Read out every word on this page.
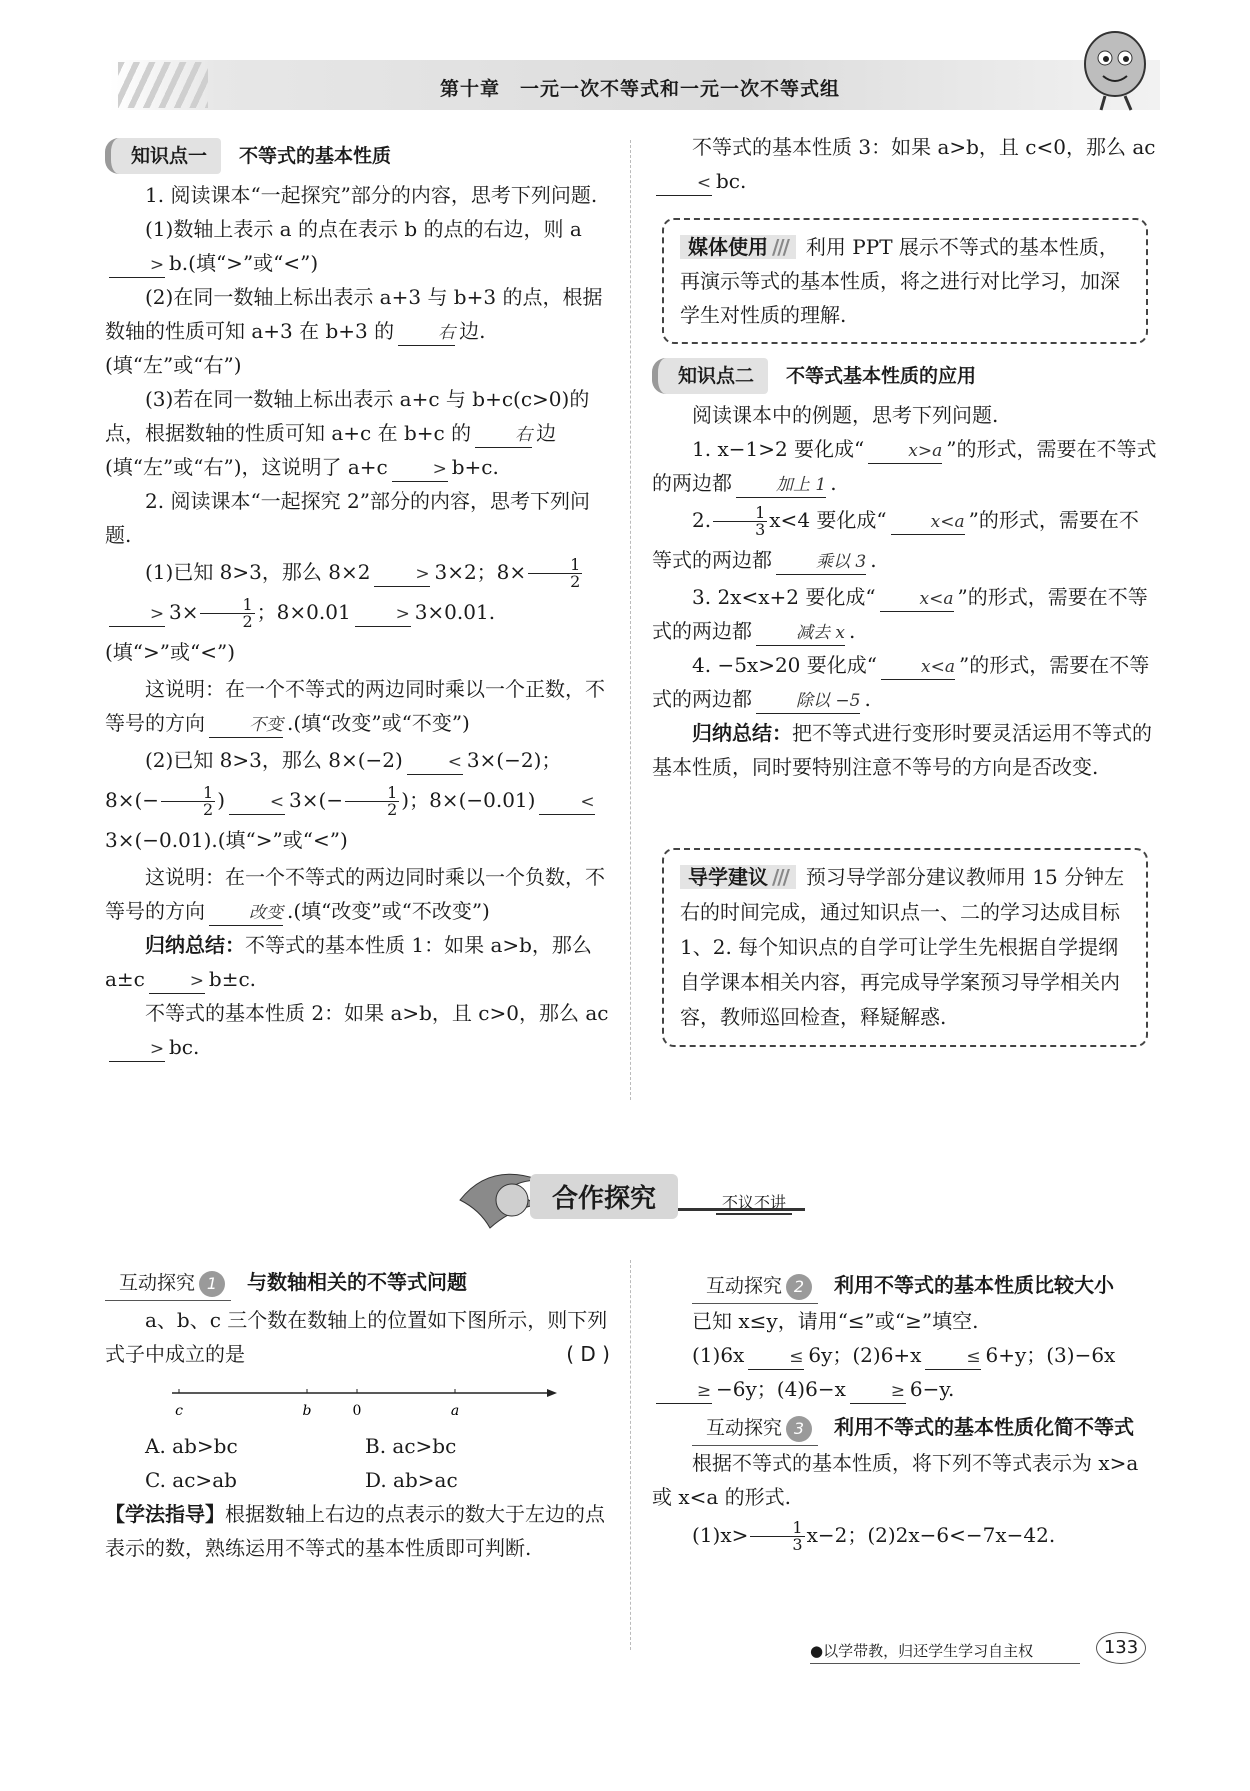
第十章　一元一次不等式和一元一次不等式组
知识点一 不等式的基本性质

1. 阅读课本“一起探究”部分的内容，思考下列问题.

(1)数轴上表示 a 的点在表示 b 的点的右边，则 a > b.(填“>”或“<”)

(2)在同一数轴上标出表示 a+3 与 b+3 的点，根据数轴的性质可知 a+3 在 b+3 的	右 边.(填“左”或“右”)

(3)若在同一数轴上标出表示 a+c 与 b+c(c>0)的点，根据数轴的性质可知 a+c 在 b+c 的	右 边(填“左”或“右”)，这说明了 a+c	> b+c.

2. 阅读课本“一起探究 2”部分的内容，思考下列问题.

(1)已知 8>3，那么 8×2	> 3×2；$8\times \frac{1}{2}$
> $3\times \frac{1}{2}$ ；8×0.01	> 3×0.01.(填“>”或“<”)

这说明：在一个不等式的两边同时乘以一个正数，不等号的方向	不变 .(填“改变”或“不变”)

(2)已知 8>3，那么 8×(−2)	< 3×(−2)；$8\times(- \frac{1}{2}$ )	< $3\times(- \frac{1}{2}$ )；8×(−0.01)	<3×(−0.01).(填“>”或“<”)

这说明：在一个不等式的两边同时乘以一个负数，不等号的方向	改变 .(填“改变”或“不改变”)

归纳总结：不等式的基本性质 1：如果 a>b，那么 a±c	> b±c.

不等式的基本性质 2：如果 a>b，且 c>0，那么 ac> bc.

不等式的基本性质 3：如果 a>b，且 c<0，那么 ac< bc.

媒体使用 /// 利用 PPT 展示不等式的基本性质，再演示等式的基本性质，将之进行对比学习，加深学生对性质的理解.
知识点二 不等式基本性质的应用

阅读课本中的例题，思考下列问题.

1. x−1>2 要化成“	x>a ”的形式，需要在不等式的两边都	加上 1 .

2. $\frac{1}{3} x<4$ 要化成“	x<a ”的形式，需要在不等式的两边都	乘以 3 .

3. 2x<x+2 要化成“	x<a ”的形式，需要在不等式的两边都	减去 x .

4. −5x>20 要化成“	x<a ”的形式，需要在不等式的两边都	除以 −5 .

归纳总结：把不等式进行变形时要灵活运用不等式的基本性质，同时要特别注意不等号的方向是否改变.

导学建议 /// 预习导学部分建议教师用 15 分钟左右的时间完成，通过知识点一、二的学习达成目标 1、2. 每个知识点的自学可让学生先根据自学提纲自学课本相关内容，再完成导学案预习导学相关内容，教师巡回检查，释疑解惑.
合作探究	不议不讲
互动探究 1 与数轴相关的不等式问题

a、b、c 三个数在数轴上的位置如下图所示，则下列式子中成立的是	( D )

c	b	0	a
A. ab>bc	B. ac>bc
C. ac>ab	D. ab>ac

【学法指导】根据数轴上右边的点表示的数大于左边的点表示的数，熟练运用不等式的基本性质即可判断.

互动探究 2 利用不等式的基本性质比较大小

已知 x≤y，请用“≤”或“≥”填空.

(1)6x	≤ 6y；(2)6+x	≤ 6+y；(3)−6x≥ −6y；(4)6−x	≥ 6−y.

互动探究 3 利用不等式的基本性质化简不等式

根据不等式的基本性质，将下列不等式表示为 x>a 或 x<a 的形式.

$(1)x> \frac{1}{3} x-2$；(2)2x−6<−7x−42.

●以学带教，归还学生学习自主权	133
